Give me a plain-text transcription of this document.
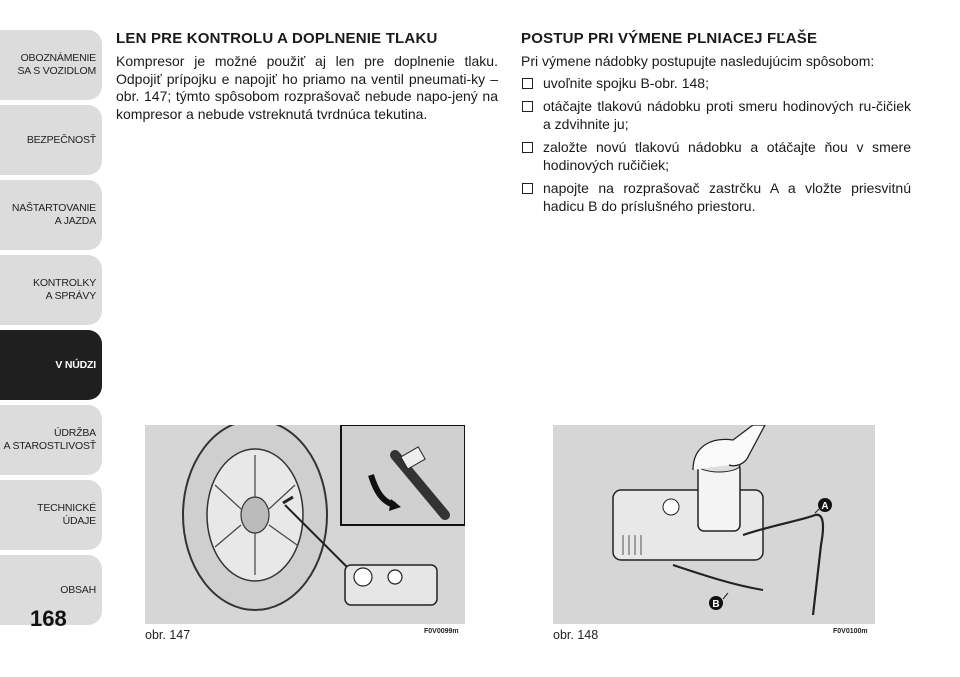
OBOZNÁMENIE
SA S VOZIDLOM
BEZPEČNOSŤ
NAŠTARTOVANIE
A JAZDA
KONTROLKY
A SPRÁVY
V NÚDZI
ÚDRŽBA
A STAROSTLIVOSŤ
TECHNICKÉ
ÚDAJE
OBSAH
168
LEN PRE KONTROLU A DOPLNENIE TLAKU

Kompresor je možné použiť aj len pre doplnenie tlaku. Odpojiť prípojku e napojiť ho priamo na ventil pneumati-ky – obr. 147; týmto spôsobom rozprašovač nebude napo-jený na kompresor a nebude vstreknutá tvrdnúca tekutina.

POSTUP PRI VÝMENE PLNIACEJ FĽAŠE

Pri výmene nádobky postupujte nasledujúcim spôsobom:

uvoľnite spojku B-obr. 148;
otáčajte tlakovú nádobku proti smeru hodinových ru-čičiek a zdvihnite ju;
založte novú tlakovú nádobku a otáčajte ňou v smere hodinových ručičiek;
napojte na rozprašovač zastrčku A a vložte priesvitnú hadicu B do príslušného priestoru.
obr. 147	F0V0099m
A
B
obr. 148	F0V0100m
